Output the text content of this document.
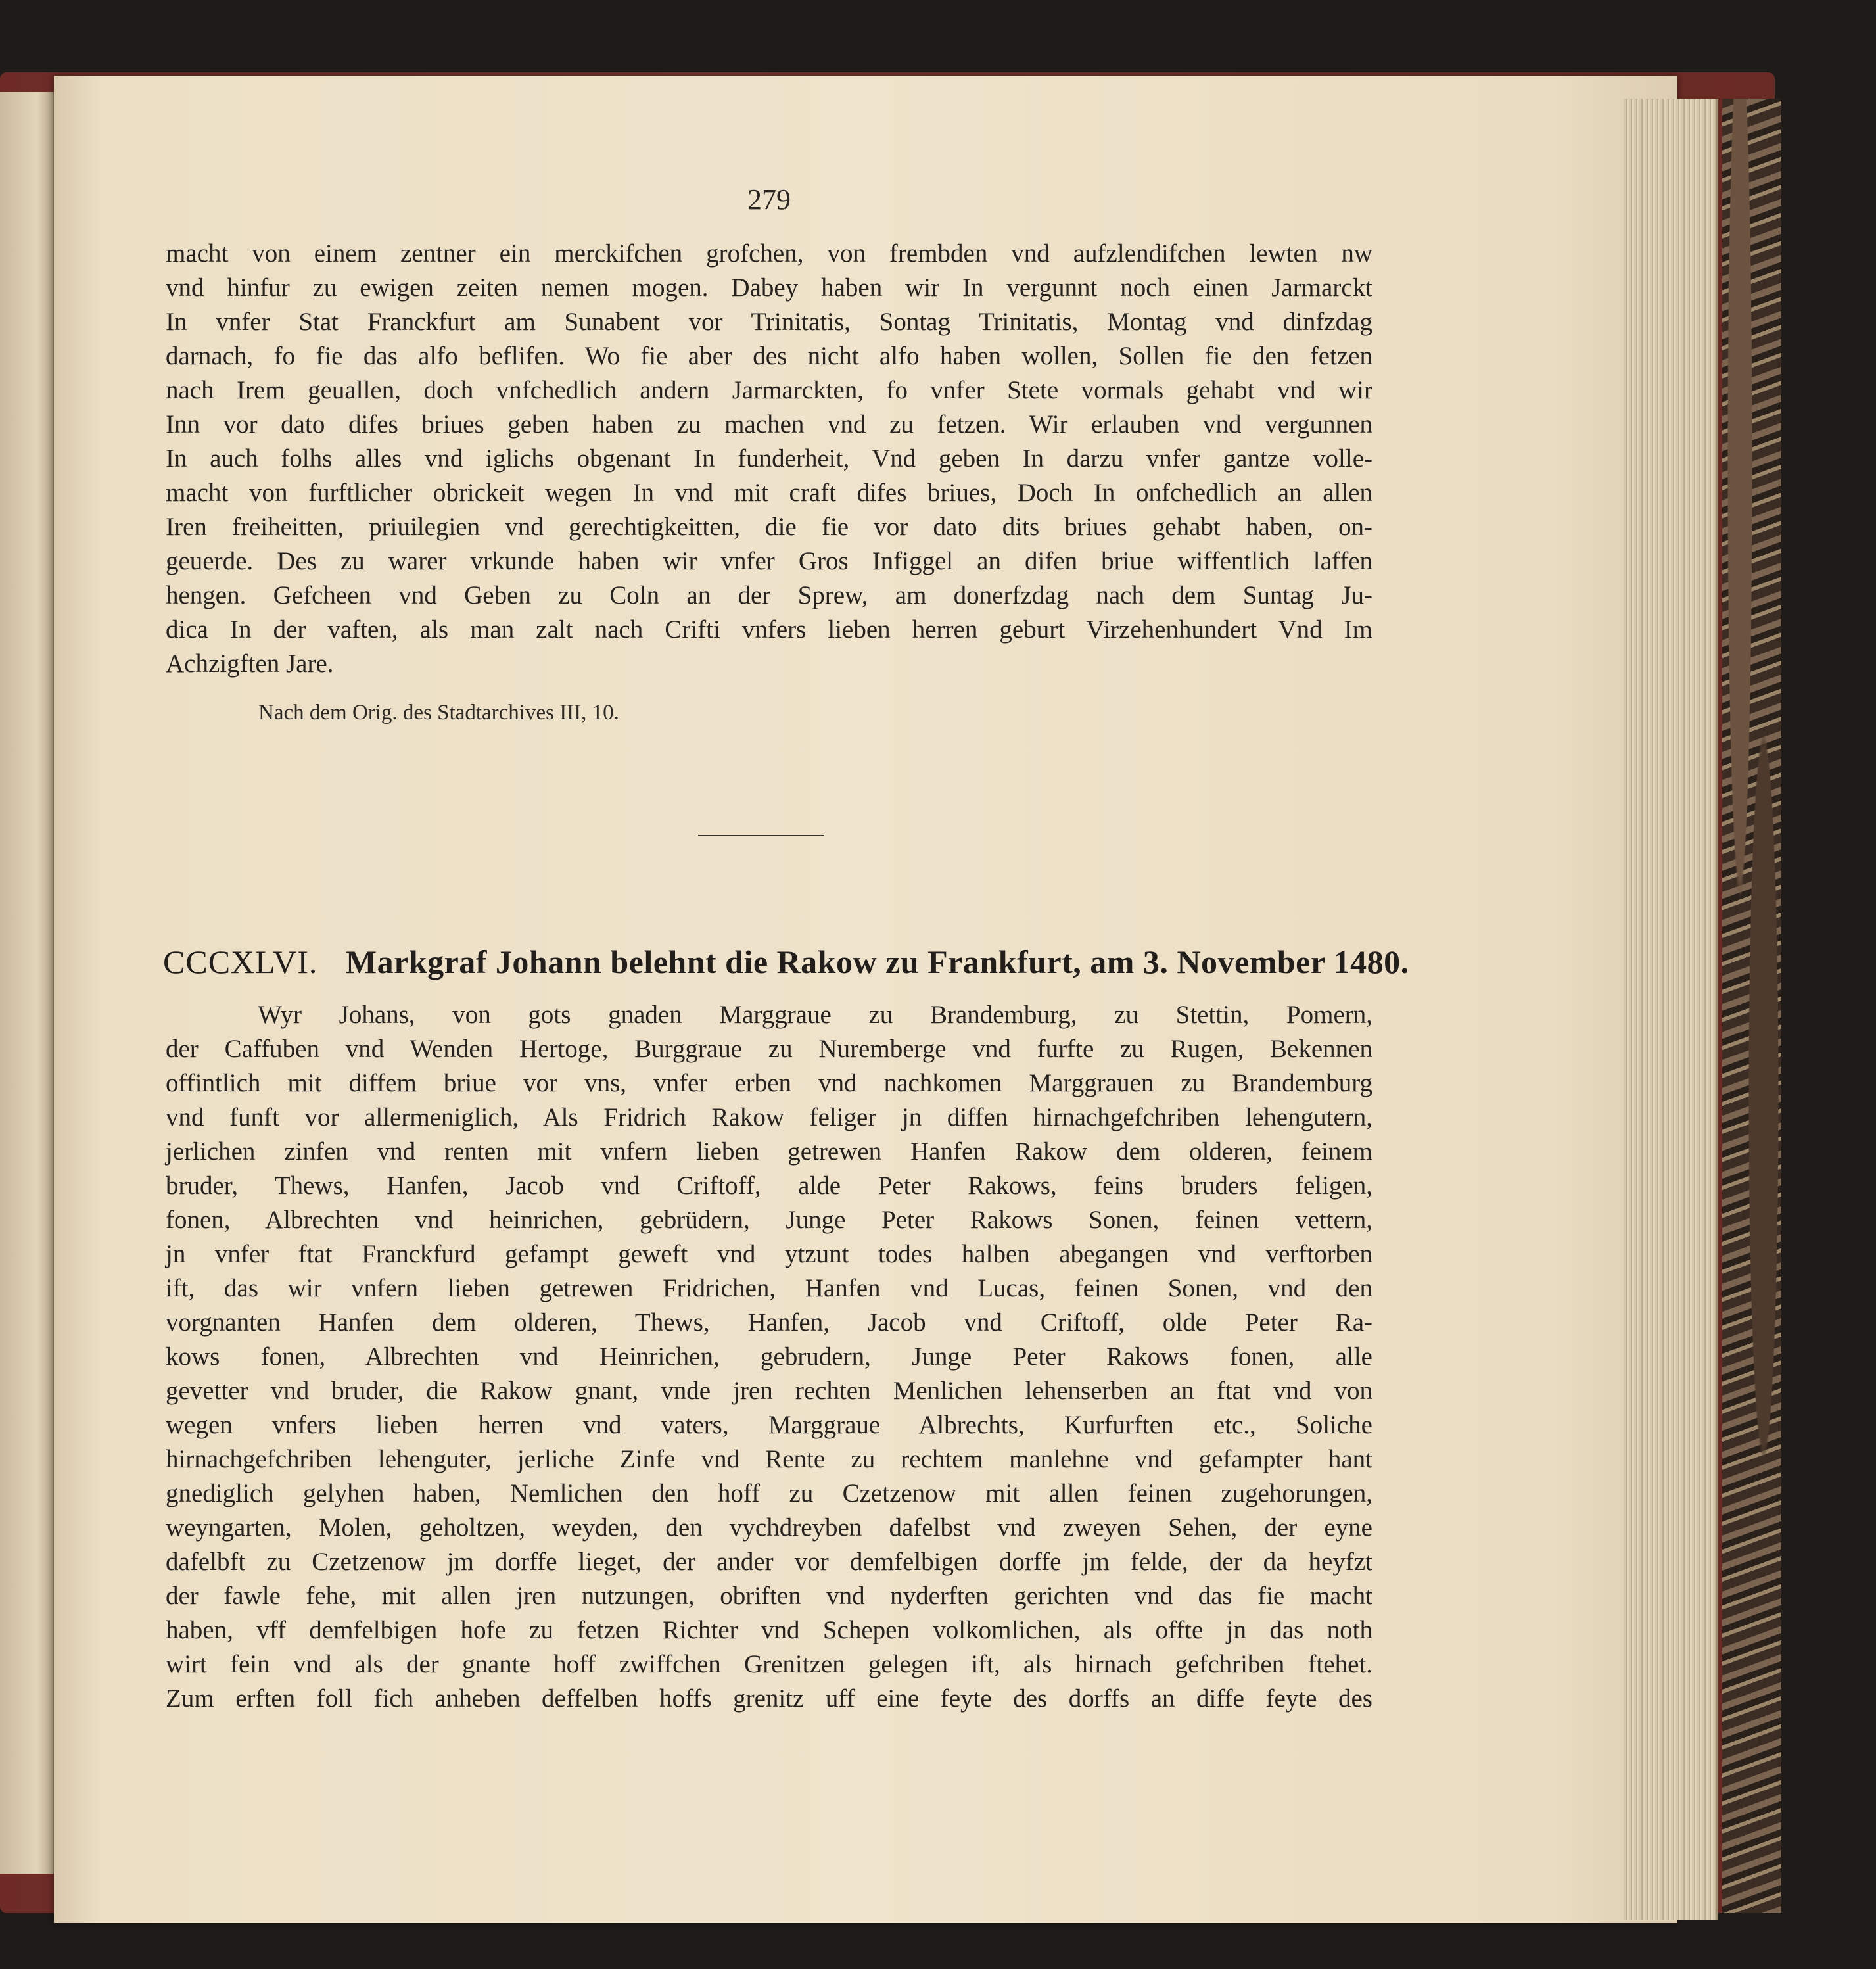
279
macht von einem zentner ein merckifchen grofchen, von frembden vnd aufzlendifchen lewten nw
vnd hinfur zu ewigen zeiten nemen mogen. Dabey haben wir In vergunnt noch einen Jarmarckt
In vnfer Stat Franckfurt am Sunabent vor Trinitatis, Sontag Trinitatis, Montag vnd dinfzdag
darnach, fo fie das alfo beflifen. Wo fie aber des nicht alfo haben wollen, Sollen fie den fetzen
nach Irem geuallen, doch vnfchedlich andern Jarmarckten, fo vnfer Stete vormals gehabt vnd wir
Inn vor dato difes briues geben haben zu machen vnd zu fetzen. Wir erlauben vnd vergunnen
In auch folhs alles vnd iglichs obgenant In funderheit, Vnd geben In darzu vnfer gantze volle-
macht von furftlicher obrickeit wegen In vnd mit craft difes briues, Doch In onfchedlich an allen
Iren freiheitten, priuilegien vnd gerechtigkeitten, die fie vor dato dits briues gehabt haben, on-
geuerde. Des zu warer vrkunde haben wir vnfer Gros Infiggel an difen briue wiffentlich laffen
hengen. Gefcheen vnd Geben zu Coln an der Sprew, am donerfzdag nach dem Suntag Ju-
dica In der vaften, als man zalt nach Crifti vnfers lieben herren geburt Virzehenhundert Vnd Im
Achzigften Jare.
Nach dem Orig. des Stadtarchives III, 10.
CCCXLVI. Markgraf Johann belehnt die Rakow zu Frankfurt, am 3. November 1480.
Wyr Johans, von gots gnaden Marggraue zu Brandemburg, zu Stettin, Pomern,
der Caffuben vnd Wenden Hertoge, Burggraue zu Nuremberge vnd furfte zu Rugen, Bekennen
offintlich mit diffem briue vor vns, vnfer erben vnd nachkomen Marggrauen zu Brandemburg
vnd funft vor allermeniglich, Als Fridrich Rakow feliger jn diffen hirnachgefchriben lehengutern,
jerlichen zinfen vnd renten mit vnfern lieben getrewen Hanfen Rakow dem olderen, feinem
bruder, Thews, Hanfen, Jacob vnd Criftoff, alde Peter Rakows, feins bruders feligen,
fonen, Albrechten vnd heinrichen, gebrüdern, Junge Peter Rakows Sonen, feinen vettern,
jn vnfer ftat Franckfurd gefampt geweft vnd ytzunt todes halben abegangen vnd verftorben
ift, das wir vnfern lieben getrewen Fridrichen, Hanfen vnd Lucas, feinen Sonen, vnd den
vorgnanten Hanfen dem olderen, Thews, Hanfen, Jacob vnd Criftoff, olde Peter Ra-
kows fonen, Albrechten vnd Heinrichen, gebrudern, Junge Peter Rakows fonen, alle
gevetter vnd bruder, die Rakow gnant, vnde jren rechten Menlichen lehenserben an ftat vnd von
wegen vnfers lieben herren vnd vaters, Marggraue Albrechts, Kurfurften etc., Soliche
hirnachgefchriben lehenguter, jerliche Zinfe vnd Rente zu rechtem manlehne vnd gefampter hant
gnediglich gelyhen haben, Nemlichen den hoff zu Czetzenow mit allen feinen zugehorungen,
weyngarten, Molen, geholtzen, weyden, den vychdreyben dafelbst vnd zweyen Sehen, der eyne
dafelbft zu Czetzenow jm dorffe lieget, der ander vor demfelbigen dorffe jm felde, der da heyfzt
der fawle fehe, mit allen jren nutzungen, obriften vnd nyderften gerichten vnd das fie macht
haben, vff demfelbigen hofe zu fetzen Richter vnd Schepen volkomlichen, als offte jn das noth
wirt fein vnd als der gnante hoff zwiffchen Grenitzen gelegen ift, als hirnach gefchriben ftehet.
Zum erften foll fich anheben deffelben hoffs grenitz uff eine feyte des dorffs an diffe feyte des
